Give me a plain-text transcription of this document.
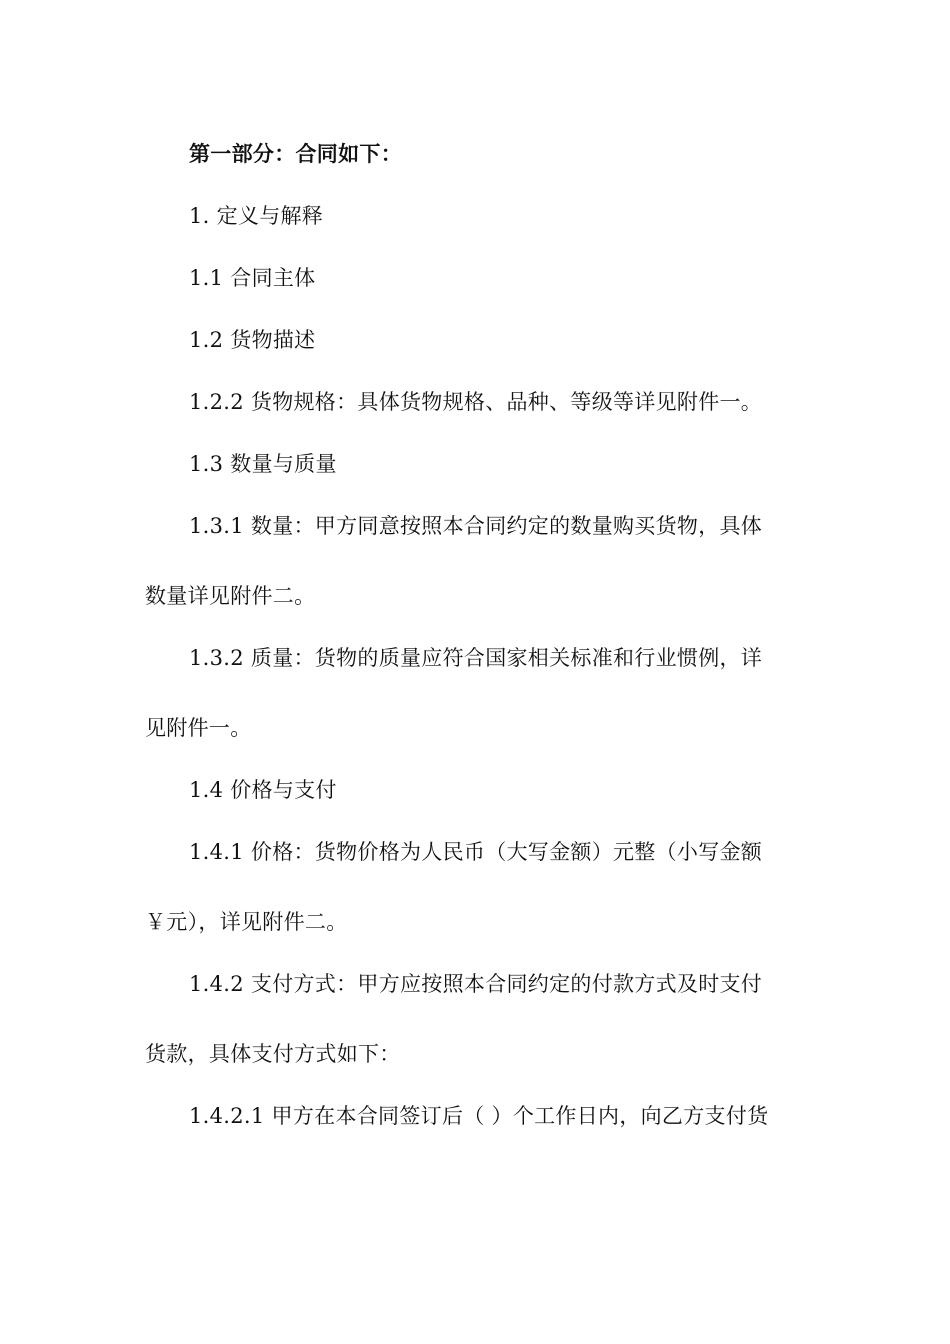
第一部分：合同如下：

1. 定义与解释

1.1 合同主体

1.2 货物描述

1.2.2 货物规格：具体货物规格、品种、等级等详见附件一。

1.3 数量与质量

1.3.1 数量：甲方同意按照本合同约定的数量购买货物，具体

数量详见附件二。

1.3.2 质量：货物的质量应符合国家相关标准和行业惯例，详

见附件一。

1.4 价格与支付

1.4.1 价格：货物价格为人民币（大写金额）元整（小写金额

￥元），详见附件二。

1.4.2 支付方式：甲方应按照本合同约定的付款方式及时支付

货款，具体支付方式如下：

1.4.2.1 甲方在本合同签订后（ ）个工作日内，向乙方支付货
